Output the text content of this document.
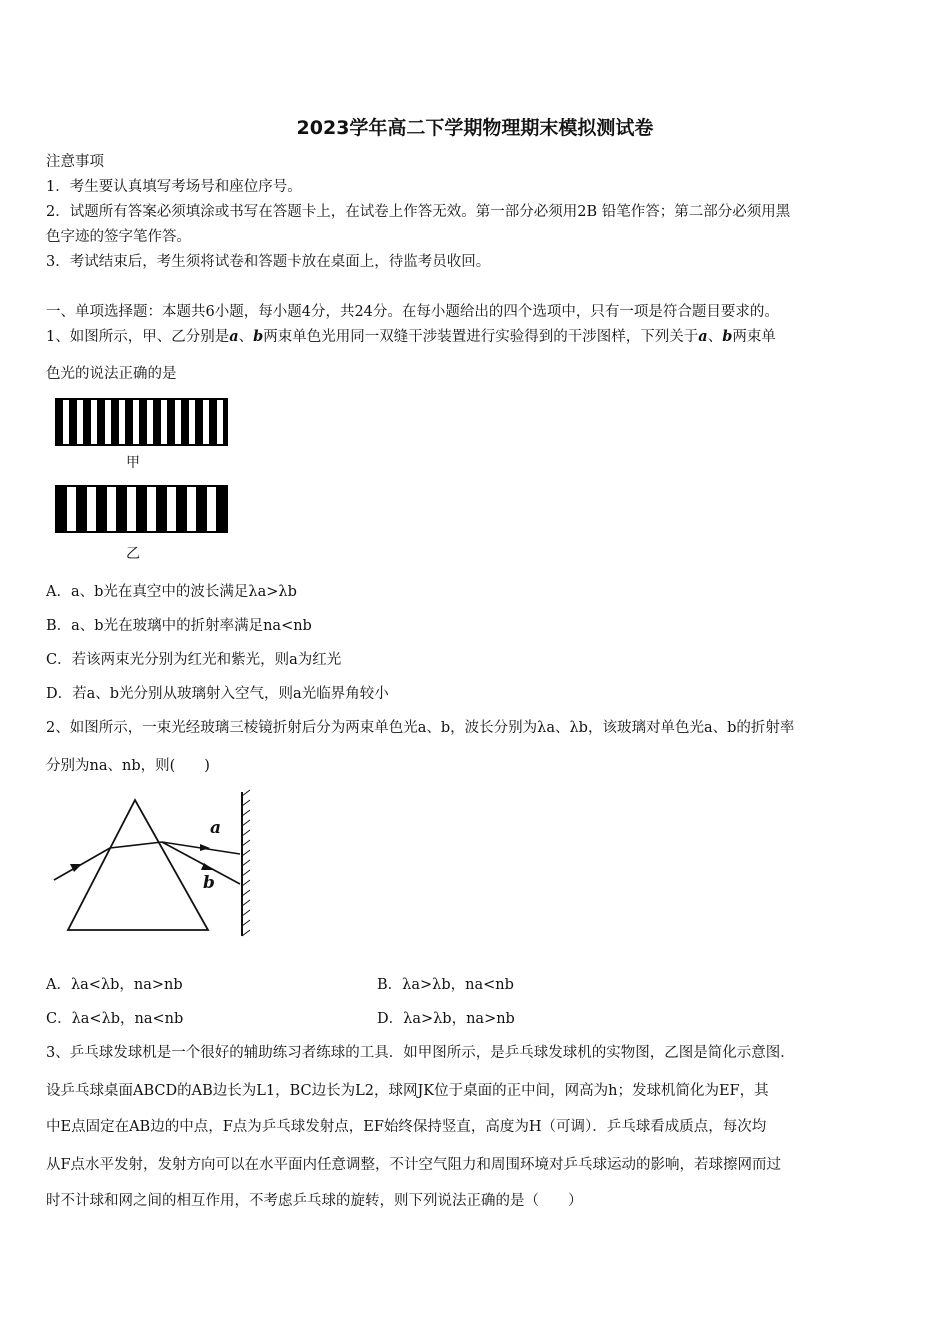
2023学年高二下学期物理期末模拟测试卷
注意事项
1．考生要认真填写考场号和座位序号。
2．试题所有答案必须填涂或书写在答题卡上，在试卷上作答无效。第一部分必须用2B 铅笔作答；第二部分必须用黑
色字迹的签字笔作答。
3．考试结束后，考生须将试卷和答题卡放在桌面上，待监考员收回。
一、单项选择题：本题共6小题，每小题4分，共24分。在每小题给出的四个选项中，只有一项是符合题目要求的。
1、如图所示，甲、乙分别是a、b两束单色光用同一双缝干涉装置进行实验得到的干涉图样，下列关于a、b两束单
色光的说法正确的是
甲
乙
A．a、b光在真空中的波长满足λa>λb
B．a、b光在玻璃中的折射率满足na<nb
C．若该两束光分别为红光和紫光，则a为红光
D．若a、b光分别从玻璃射入空气，则a光临界角较小
2、如图所示，一束光经玻璃三棱镜折射后分为两束单色光a、b，波长分别为λa、λb，该玻璃对单色光a、b的折射率
分别为na、nb，则(　　)
a
b
A．λa<λb，na>nb	B．λa>λb，na<nb
C．λa<λb，na<nb	D．λa>λb，na>nb
3、乒乓球发球机是一个很好的辅助练习者练球的工具．如甲图所示，是乒乓球发球机的实物图，乙图是简化示意图．
设乒乓球桌面ABCD的AB边长为L1，BC边长为L2，球网JK位于桌面的正中间，网高为h；发球机简化为EF，其
中E点固定在AB边的中点，F点为乒乓球发射点，EF始终保持竖直，高度为H（可调）．乒乓球看成质点，每次均
从F点水平发射，发射方向可以在水平面内任意调整，不计空气阻力和周围环境对乒乓球运动的影响，若球擦网而过
时不计球和网之间的相互作用，不考虑乒乓球的旋转，则下列说法正确的是（　　）
